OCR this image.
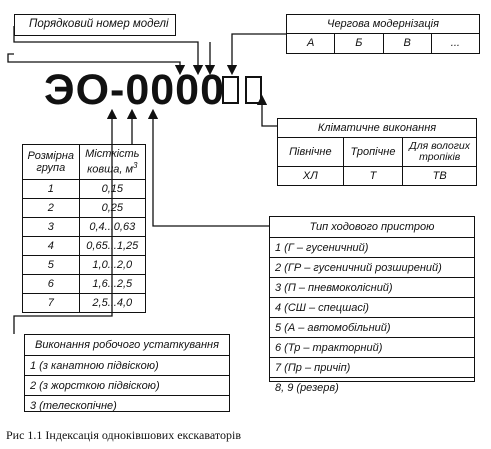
Порядковий номер моделі	Чергова модернізація
А	Б	В	...
ЭО-0000
Кліматичне виконання		
Північне	Тропічне	Для вологих тропіків
ХЛ	Т	ТВ
Розмірна група	Місткість ковша, $м^3$
1	0,15
2	0,25
3	0,4...0,63
4	0,65...1,25
5	1,0...2,0
6	1,6...2,5
7	2,5...4,0
Тип ходового пристрою
1 (Г – гусеничний)
2 (ГР – гусеничний розширений)
3 (П – пневмоколісний)
4 (СШ – спецшасі)
5 (А – автомобільний)
6 (Тр – тракторний)
7 (Пр – причіп)
8, 9 (резерв)
Виконання робочого устаткування
1 (з канатною підвіскою)
2 (з жорсткою підвіскою)
3 (телескопічне)
Рис 1.1 Індексація одноківшових екскаваторів
